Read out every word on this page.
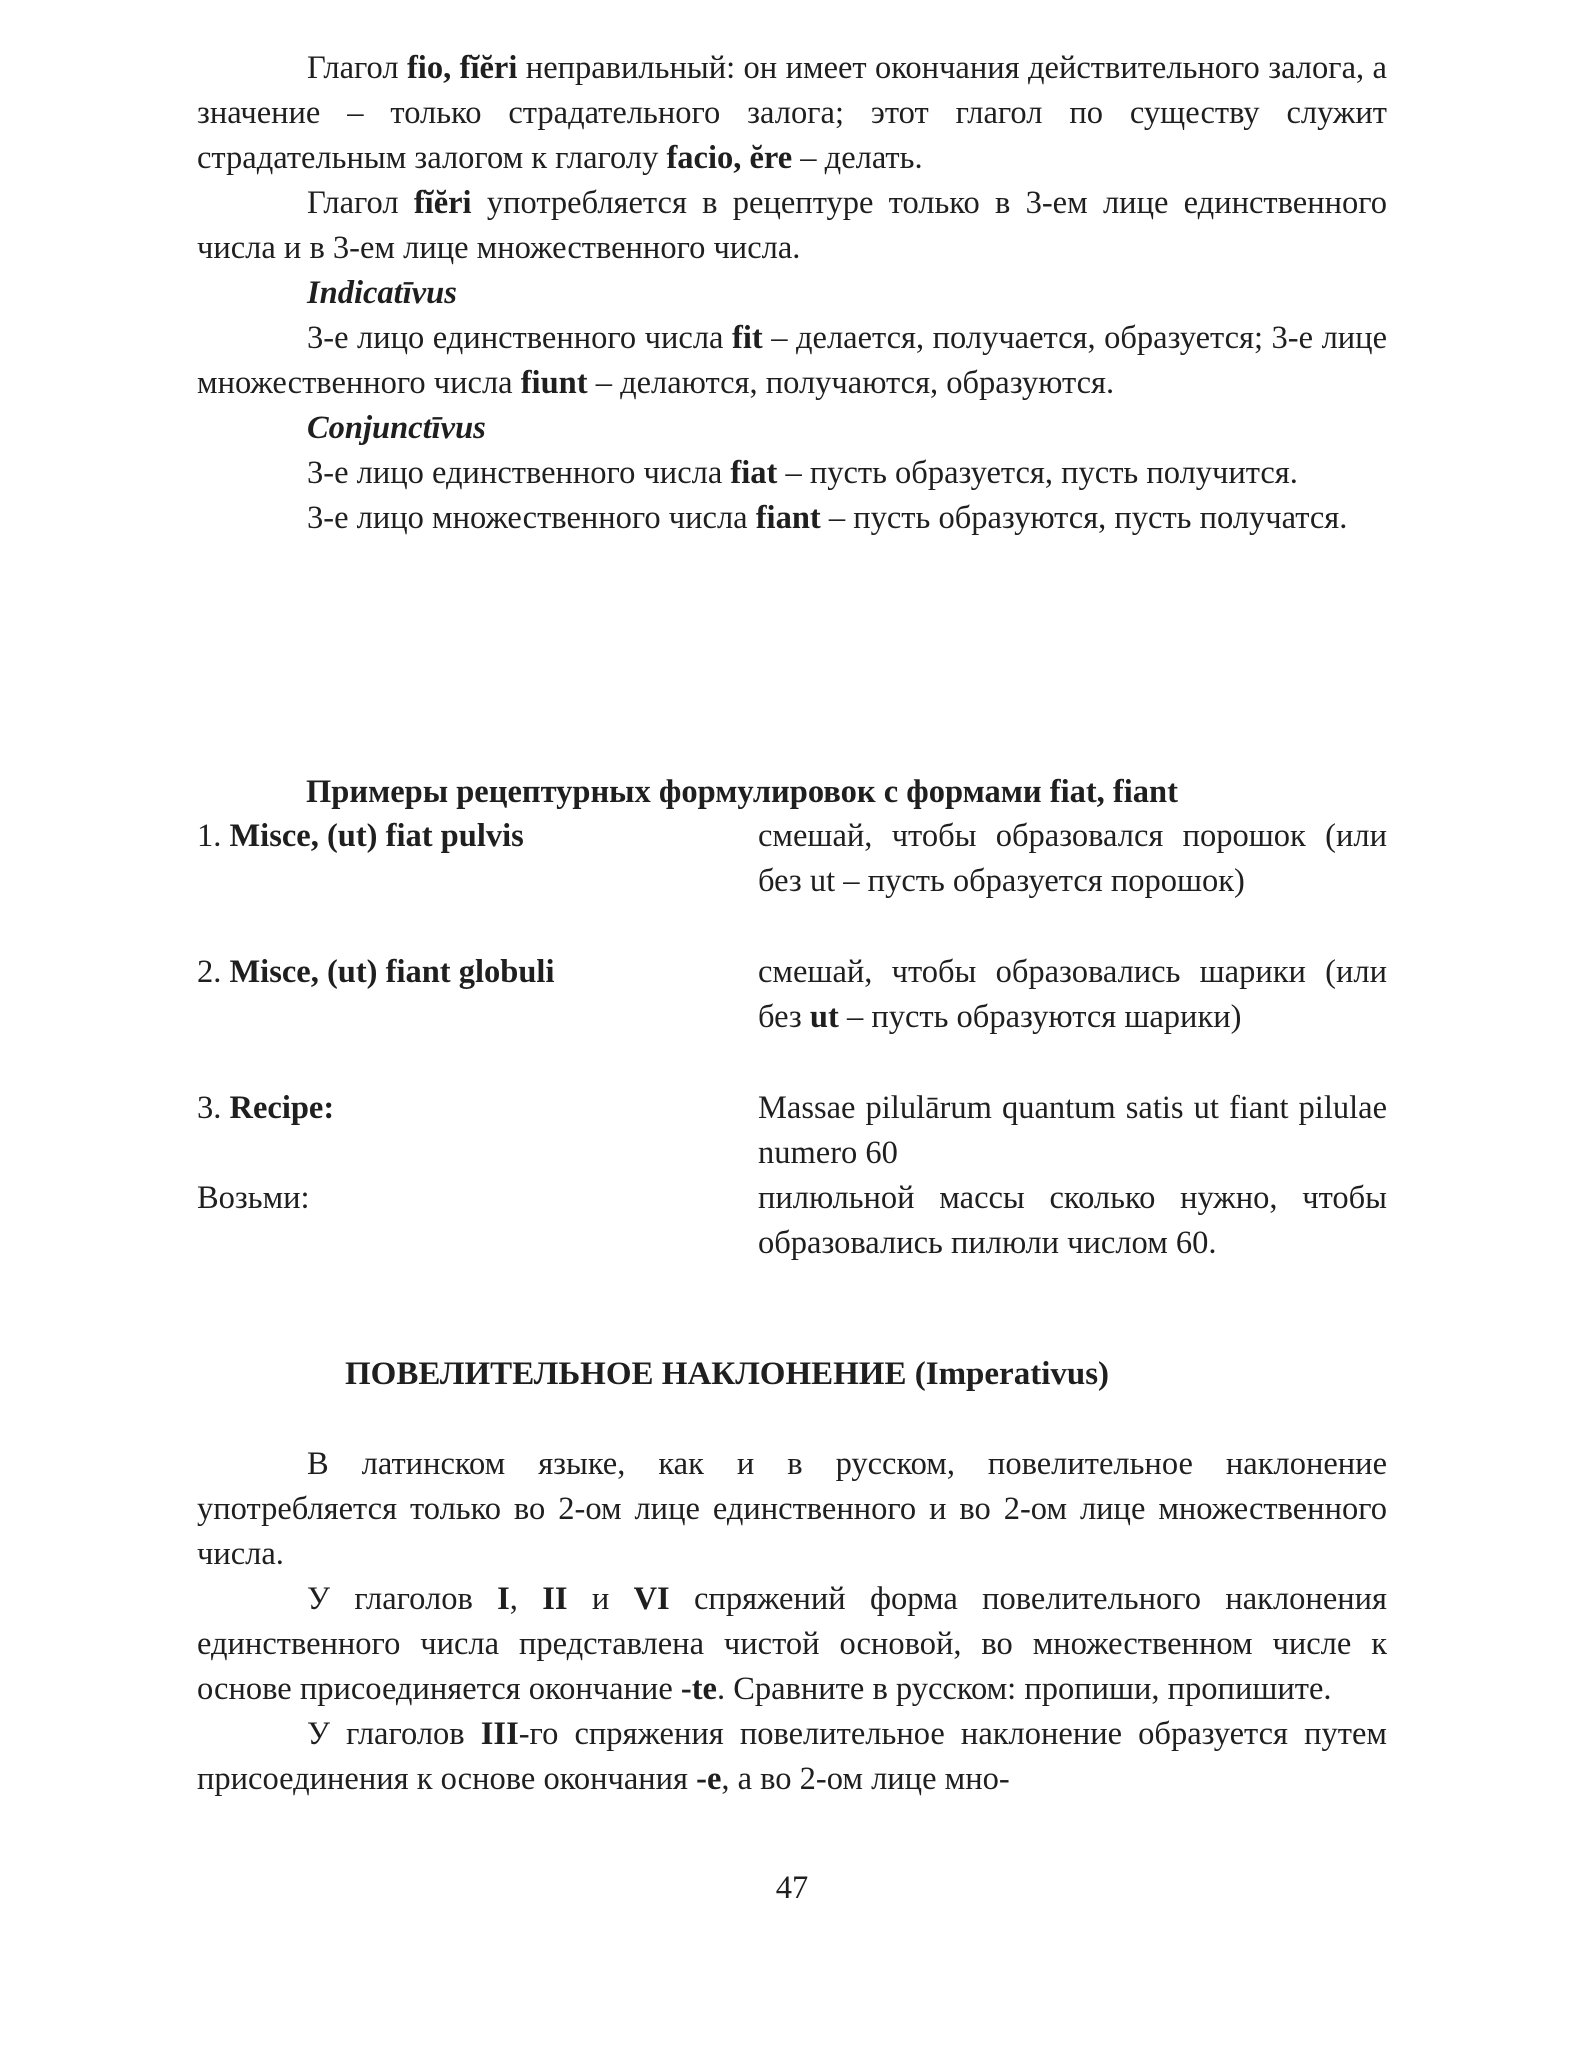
Глагол fio, fĭĕri неправильный: он имеет окончания действительного залога, а значение – только страдательного залога; этот глагол по существу служит страдательным залогом к глаголу facio, ĕre – делать.

Глагол fĭĕri употребляется в рецептуре только в 3-ем лице единственного числа и в 3-ем лице множественного числа.

Indicatīvus

3-е лицо единственного числа fit – делается, получается, образуется; 3-е лице множественного числа fiunt – делаются, получаются, образуются.

Conjunctīvus

3-е лицо единственного числа fiat – пусть образуется, пусть получится.

3-е лицо множественного числа fiant – пусть образуются, пусть получатся.

Примеры рецептурных формулировок с формами fiat, fiant
1. Misce, (ut) fiat pulvis	смешай, чтобы образовался порошок (или без ut – пусть образуется порошок)
2. Misce, (ut) fiant globuli	смешай, чтобы образовались шарики (или без ut – пусть образуются шарики)
3. Recipe:	Massae pilulārum quantum satis ut fiant pilulae numero 60
Возьми:	пилюльной массы сколько нужно, чтобы образовались пилюли числом 60.
ПОВЕЛИТЕЛЬНОЕ НАКЛОНЕНИЕ (Imperativus)

В латинском языке, как и в русском, повелительное наклонение употребляется только во 2-ом лице единственного и во 2-ом лице множественного числа.

У глаголов I, II и VI спряжений форма повелительного наклонения единственного числа представлена чистой основой, во множественном числе к основе присоединяется окончание -te. Сравните в русском: пропиши, пропишите.

У глаголов III-го спряжения повелительное наклонение образуется путем присоединения к основе окончания -e, а во 2-ом лице мно-

47
